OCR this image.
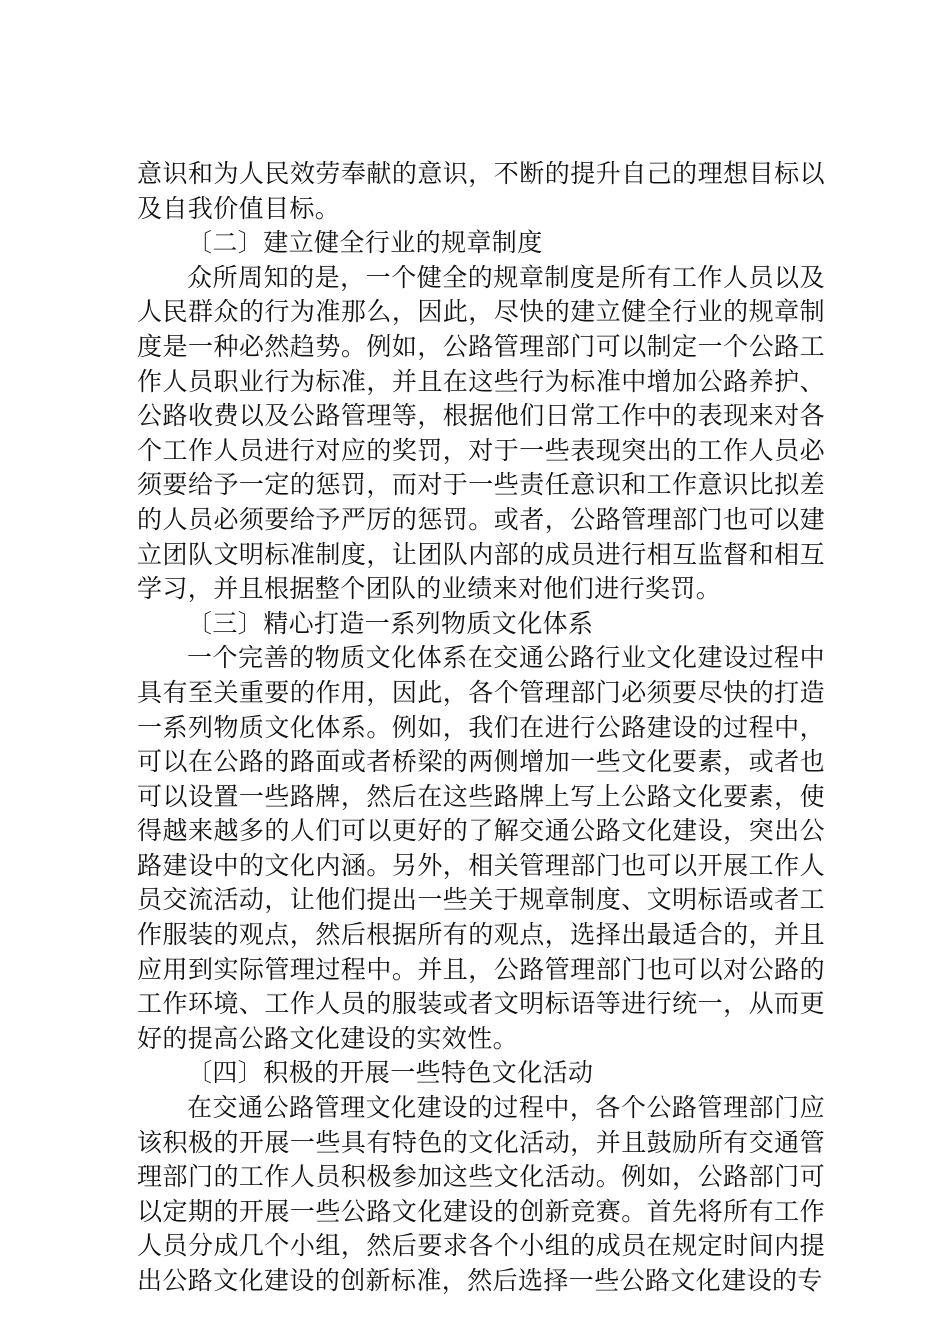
意识和为人民效劳奉献的意识，不断的提升自己的理想目标以及自我价值目标。

〔二〕建立健全行业的规章制度

众所周知的是，一个健全的规章制度是所有工作人员以及人民群众的行为准那么，因此，尽快的建立健全行业的规章制度是一种必然趋势。例如，公路管理部门可以制定一个公路工作人员职业行为标准，并且在这些行为标准中增加公路养护、公路收费以及公路管理等，根据他们日常工作中的表现来对各个工作人员进行对应的奖罚，对于一些表现突出的工作人员必须要给予一定的惩罚，而对于一些责任意识和工作意识比拟差的人员必须要给予严厉的惩罚。或者，公路管理部门也可以建立团队文明标准制度，让团队内部的成员进行相互监督和相互学习，并且根据整个团队的业绩来对他们进行奖罚。

〔三〕精心打造一系列物质文化体系

一个完善的物质文化体系在交通公路行业文化建设过程中具有至关重要的作用，因此，各个管理部门必须要尽快的打造一系列物质文化体系。例如，我们在进行公路建设的过程中，可以在公路的路面或者桥梁的两侧增加一些文化要素，或者也可以设置一些路牌，然后在这些路牌上写上公路文化要素，使得越来越多的人们可以更好的了解交通公路文化建设，突出公路建设中的文化内涵。另外，相关管理部门也可以开展工作人员交流活动，让他们提出一些关于规章制度、文明标语或者工作服装的观点，然后根据所有的观点，选择出最适合的，并且应用到实际管理过程中。并且，公路管理部门也可以对公路的工作环境、工作人员的服装或者文明标语等进行统一，从而更好的提高公路文化建设的实效性。

〔四〕积极的开展一些特色文化活动

在交通公路管理文化建设的过程中，各个公路管理部门应该积极的开展一些具有特色的文化活动，并且鼓励所有交通管理部门的工作人员积极参加这些文化活动。例如，公路部门可以定期的开展一些公路文化建设的创新竞赛。首先将所有工作人员分成几个小组，然后要求各个小组的成员在规定时间内提出公路文化建设的创新标准，然后选择一些公路文化建设的专
